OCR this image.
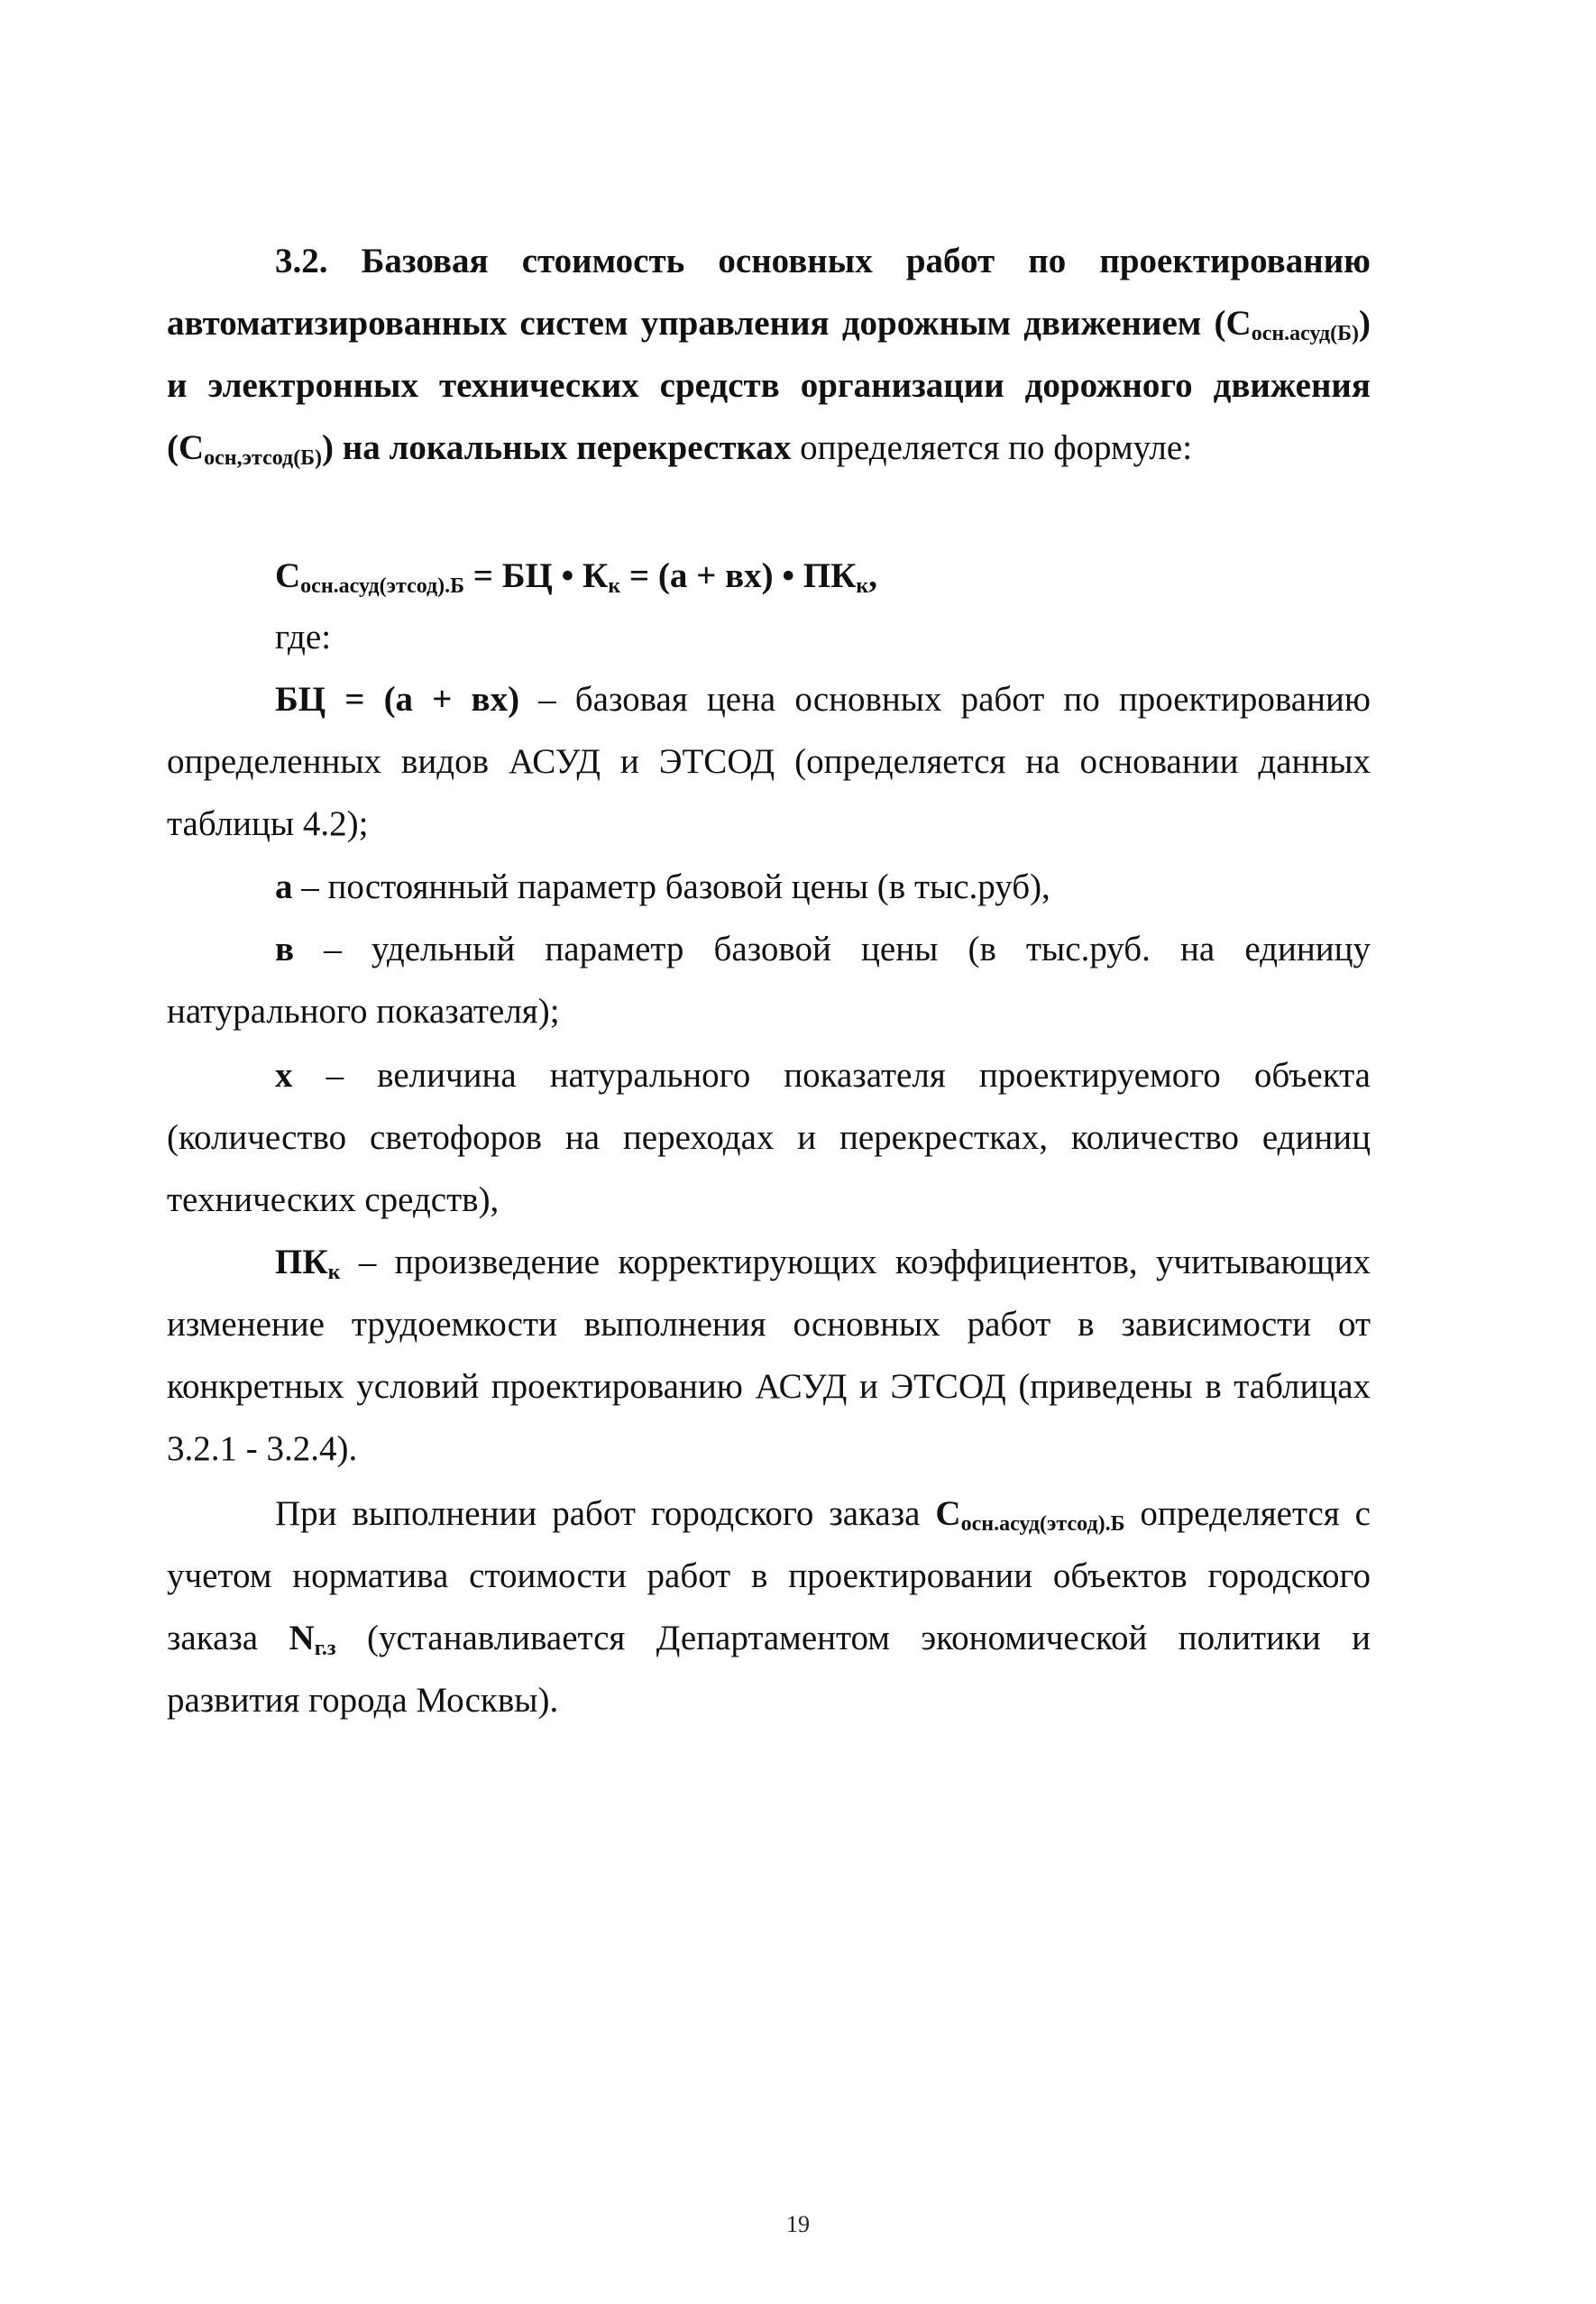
3.2. Базовая стоимость основных работ по проектированию автоматизированных систем управления дорожным движением $(C_{осн.асуд(Б)})$ и электронных технических средств организации дорожного движения $(C_{осн,этсод(Б)})$ на локальных перекрестках определяется по формуле:

$C_{осн.асуд(этсод).Б}$ = БЦ • $К_к = (а + вх)$ • $ПК_к$,

где:

БЦ = (а + вх) – базовая цена основных работ по проектированию определенных видов АСУД и ЭТСОД (определяется на основании данных таблицы 4.2);

а – постоянный параметр базовой цены (в тыс.руб),

в – удельный параметр базовой цены (в тыс.руб. на единицу натурального показателя);

х – величина натурального показателя проектируемого объекта (количество светофоров на переходах и перекрестках, количество единиц технических средств),

$ПК_к$ – произведение корректирующих коэффициентов, учитывающих изменение трудоемкости выполнения основных работ в зависимости от конкретных условий проектированию АСУД и ЭТСОД (приведены в таблицах 3.2.1 - 3.2.4).

При выполнении работ городского заказа $C_{осн.асуд(этсод).Б}$ определяется с учетом норматива стоимости работ в проектировании объектов городского заказа $N_{г.з}$ (устанавливается Департаментом экономической политики и развития города Москвы).

19
